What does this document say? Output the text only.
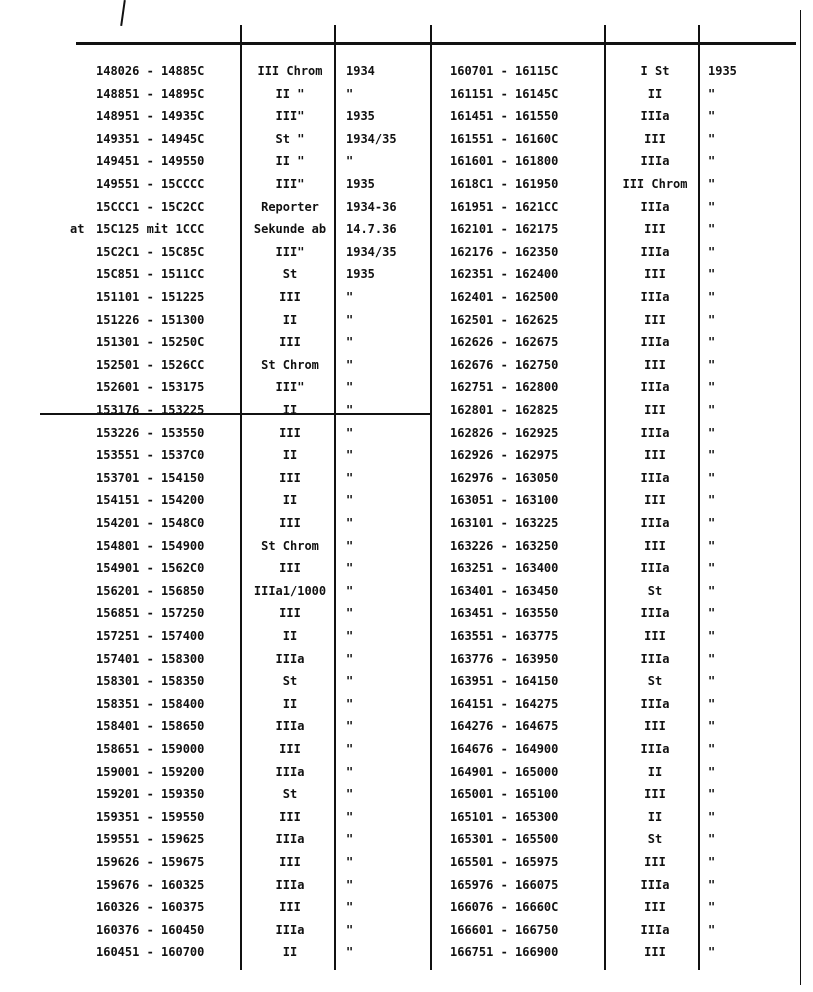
148026 - 14885C	III Chrom	1934
148851 - 14895C	II "	"
148951 - 14935C	III"	1935
149351 - 14945C	St "	1934/35
149451 - 149550	II "	"
149551 - 15CCCC	III"	1935
15CCC1 - 15C2CC	Reporter	1934-36
15C125 mit 1CCC	Sekunde ab	14.7.36
at
15C2C1 - 15C85C	III"	1934/35
15C851 - 1511CC	St	1935
151101 - 151225	III	"
151226 - 151300	II	"
151301 - 15250C	III	"
152501 - 1526CC	St Chrom	"
152601 - 153175	III"	"
153176 - 153225	II	"
153226 - 153550	III	"
153551 - 1537C0	II	"
153701 - 154150	III	"
154151 - 154200	II	"
154201 - 1548C0	III	"
154801 - 154900	St Chrom	"
154901 - 1562C0	III	"
156201 - 156850	IIIa1/1000	"
156851 - 157250	III	"
157251 - 157400	II	"
157401 - 158300	IIIa	"
158301 - 158350	St	"
158351 - 158400	II	"
158401 - 158650	IIIa	"
158651 - 159000	III	"
159001 - 159200	IIIa	"
159201 - 159350	St	"
159351 - 159550	III	"
159551 - 159625	IIIa	"
159626 - 159675	III	"
159676 - 160325	IIIa	"
160326 - 160375	III	"
160376 - 160450	IIIa	"
160451 - 160700	II	"
160701 - 16115C	I St	1935
161151 - 16145C	II	"
161451 - 161550	IIIa	"
161551 - 16160C	III	"
161601 - 161800	IIIa	"
1618C1 - 161950	III Chrom	"
161951 - 1621CC	IIIa	"
162101 - 162175	III	"
162176 - 162350	IIIa	"
162351 - 162400	III	"
162401 - 162500	IIIa	"
162501 - 162625	III	"
162626 - 162675	IIIa	"
162676 - 162750	III	"
162751 - 162800	IIIa	"
162801 - 162825	III	"
162826 - 162925	IIIa	"
162926 - 162975	III	"
162976 - 163050	IIIa	"
163051 - 163100	III	"
163101 - 163225	IIIa	"
163226 - 163250	III	"
163251 - 163400	IIIa	"
163401 - 163450	St	"
163451 - 163550	IIIa	"
163551 - 163775	III	"
163776 - 163950	IIIa	"
163951 - 164150	St	"
164151 - 164275	IIIa	"
164276 - 164675	III	"
164676 - 164900	IIIa	"
164901 - 165000	II	"
165001 - 165100	III	"
165101 - 165300	II	"
165301 - 165500	St	"
165501 - 165975	III	"
165976 - 166075	IIIa	"
166076 - 16660C	III	"
166601 - 166750	IIIa	"
166751 - 166900	III	"
